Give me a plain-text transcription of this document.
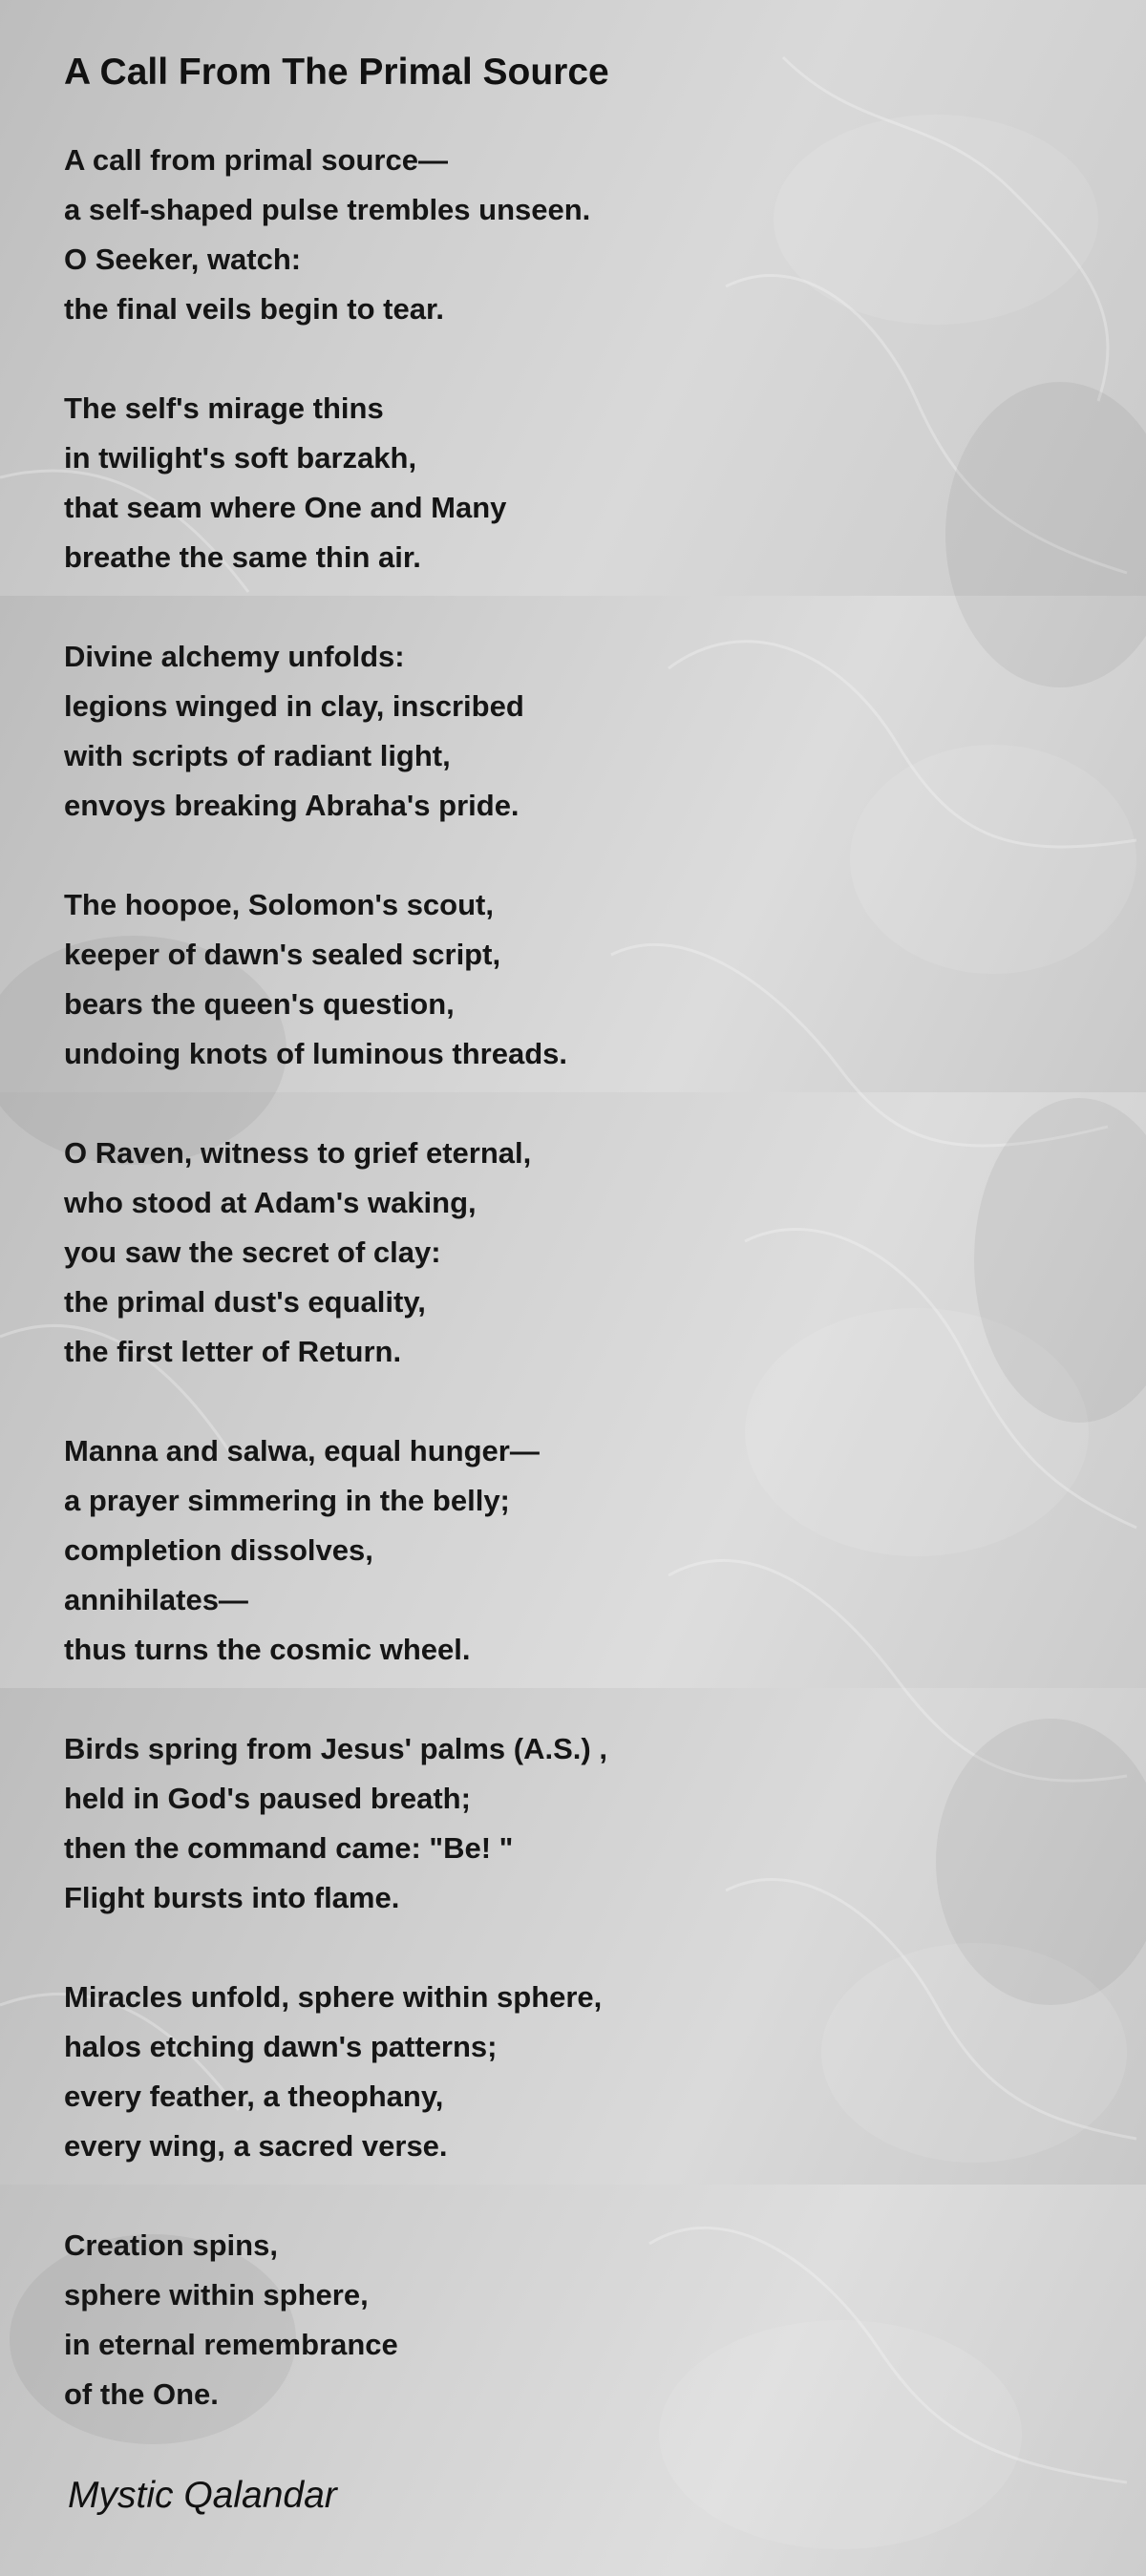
A Call From The Primal Source
A call from primal source—
a self-shaped pulse trembles unseen.
O Seeker, watch:
the final veils begin to tear.
The self's mirage thins
in twilight's soft barzakh,
that seam where One and Many
breathe the same thin air.
Divine alchemy unfolds:
legions winged in clay, inscribed
with scripts of radiant light,
envoys breaking Abraha's pride.
The hoopoe, Solomon's scout,
keeper of dawn's sealed script,
bears the queen's question,
undoing knots of luminous threads.
O Raven, witness to grief eternal,
who stood at Adam's waking,
you saw the secret of clay:
the primal dust's equality,
the first letter of Return.
Manna and salwa, equal hunger—
a prayer simmering in the belly;
completion dissolves,
annihilates—
thus turns the cosmic wheel.
Birds spring from Jesus' palms (A.S.) ,
held in God's paused breath;
then the command came: "Be! "
Flight bursts into flame.
Miracles unfold, sphere within sphere,
halos etching dawn's patterns;
every feather, a theophany,
every wing, a sacred verse.
Creation spins,
sphere within sphere,
in eternal remembrance
of the One.
Mystic Qalandar
